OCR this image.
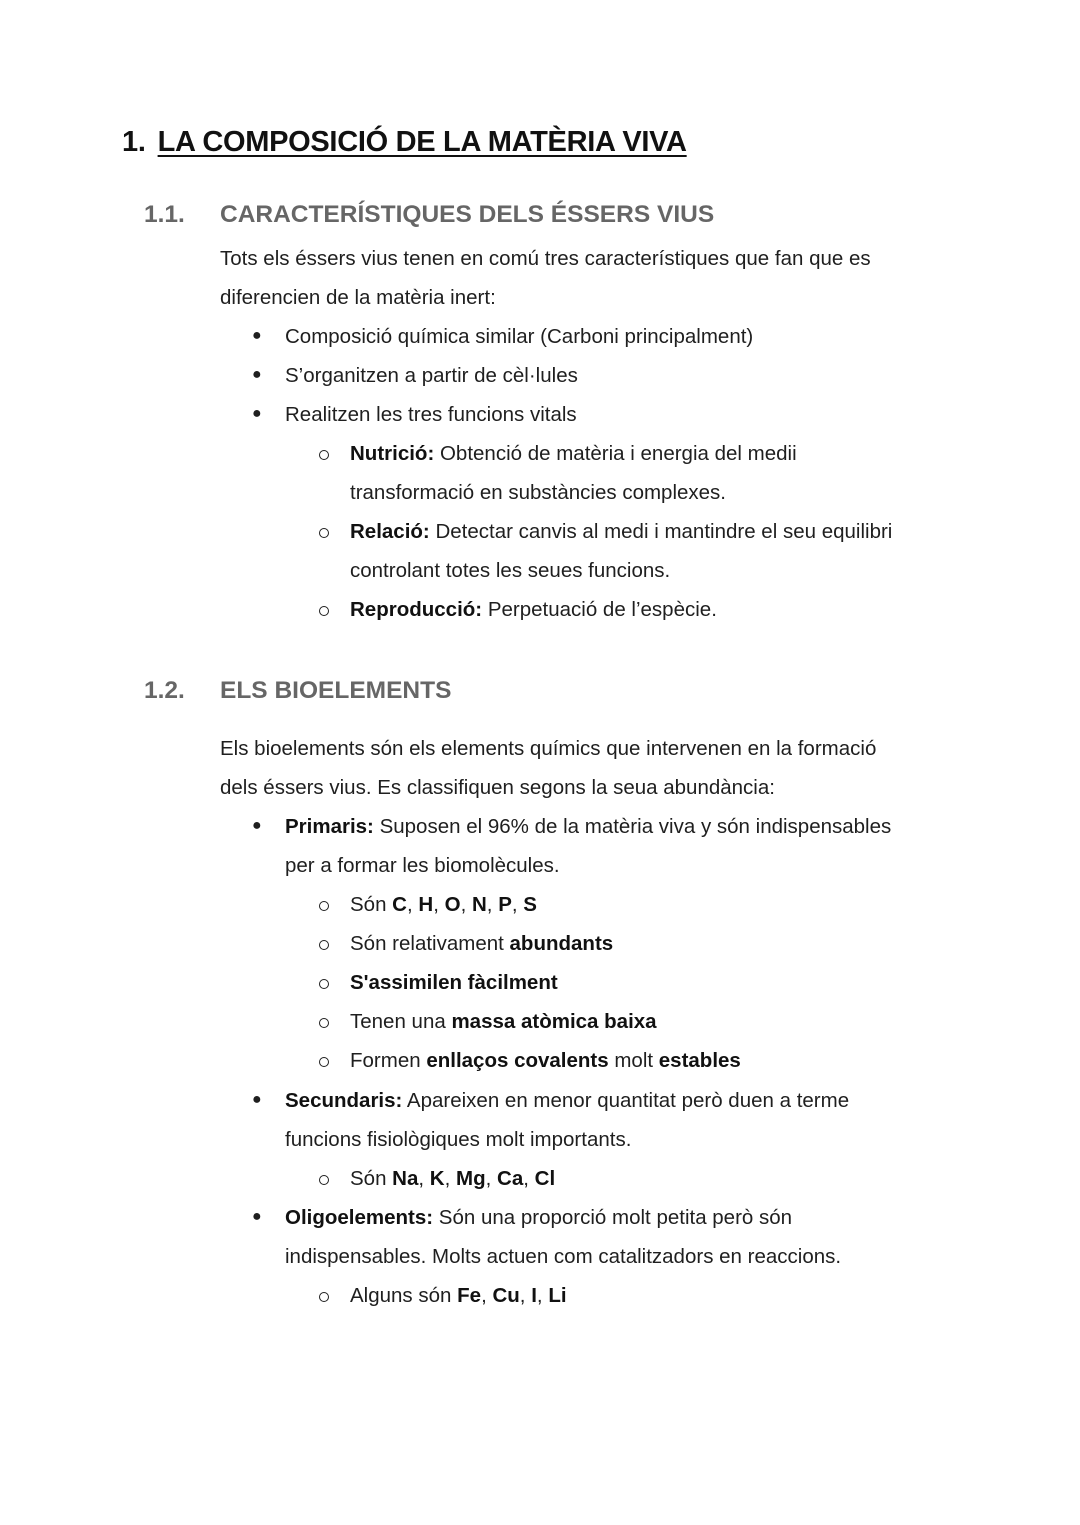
1. LA COMPOSICIÓ DE LA MATÈRIA VIVA
1.1. CARACTERÍSTIQUES DELS ÉSSERS VIUS

Tots els éssers vius tenen en comú tres característiques que fan que es
diferencien de la matèria inert:

● Composició química similar (Carboni principalment)
● S’organitzen a partir de cèl·lules
● Realitzen les tres funcions vitals
Nutrició: Obtenció de matèria i energia del medii
transformació en substàncies complexes.
Relació: Detectar canvis al medi i mantindre el seu equilibri
controlant totes les seues funcions.
Reproducció: Perpetuació de l’espècie.
1.2. ELS BIOELEMENTS

Els bioelements són els elements químics que intervenen en la formació
dels éssers vius. Es classifiquen segons la seua abundància:

● Primaris: Suposen el 96% de la matèria viva y són indispensables
per a formar les biomolècules.
Són C, H, O, N, P, S
Són relativament abundants
S'assimilen fàcilment
Tenen una massa atòmica baixa
Formen enllaços covalents molt estables
● Secundaris: Apareixen en menor quantitat però duen a terme
funcions fisiològiques molt importants.
Són Na, K, Mg, Ca, Cl
● Oligoelements: Són una proporció molt petita però són
indispensables. Molts actuen com catalitzadors en reaccions.
Alguns són Fe, Cu, I, Li
